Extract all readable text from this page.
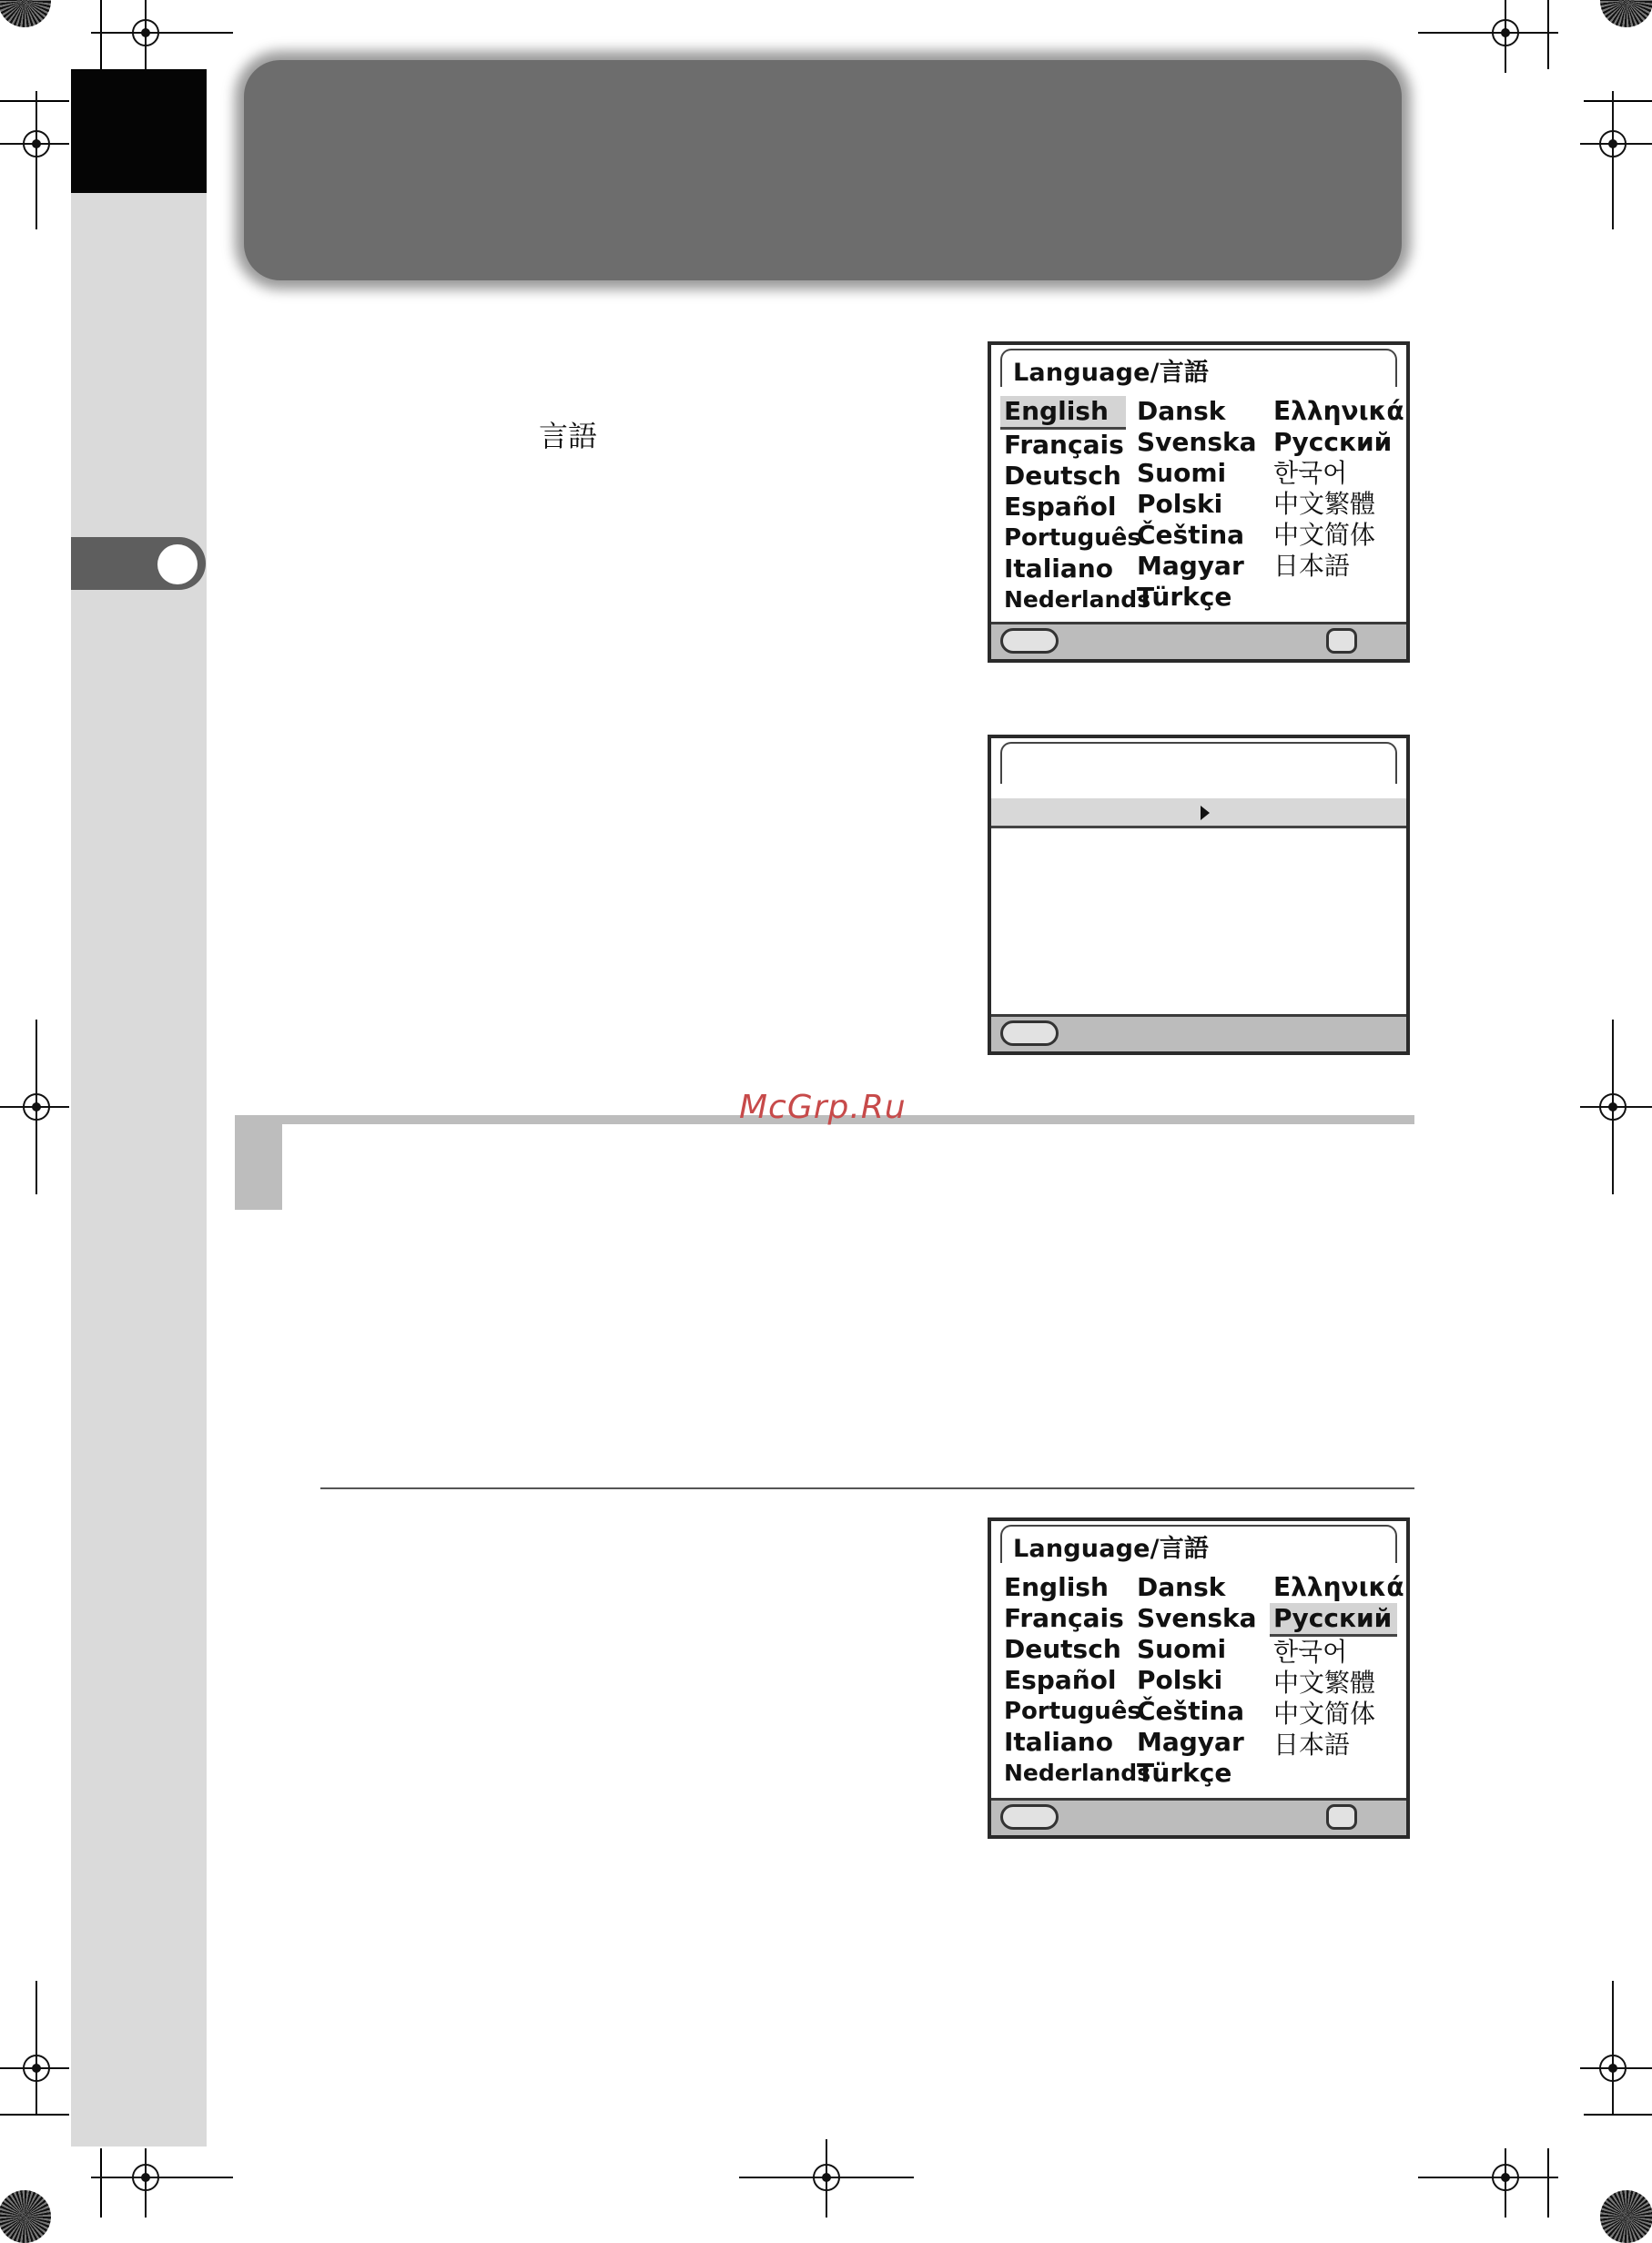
言語
Language/言語
English
Français
Deutsch
Español
Português
Italiano
Nederlands
Dansk
Svenska
Suomi
Polski
Čeština
Magyar
Türkçe
Ελληνικά
Русский
한국어
中文繁體
中文简体
日本語
McGrp.Ru
Language/言語
English
Français
Deutsch
Español
Português
Italiano
Nederlands
Dansk
Svenska
Suomi
Polski
Čeština
Magyar
Türkçe
Ελληνικά
Русский
한국어
中文繁體
中文简体
日本語
